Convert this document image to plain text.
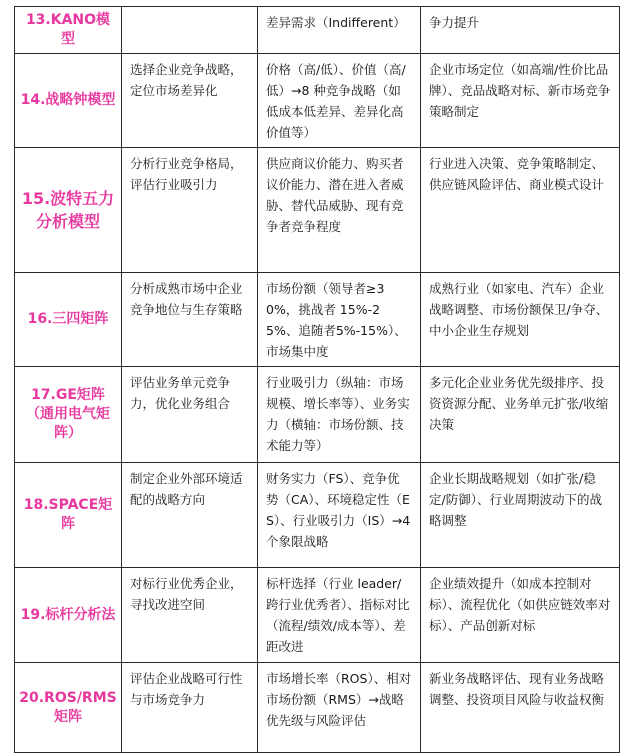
13.KANO模型		差异需求（Indifferent）	争力提升
14.战略钟模型	选择企业竞争战略，定位市场差异化	价格（高/低）、价值（高/低）→8 种竞争战略（如低成本低差异、差异化高价值等）	企业市场定位（如高端/性价比品牌）、竞品战略对标、新市场竞争策略制定
15.波特五力分析模型	分析行业竞争格局，评估行业吸引力	供应商议价能力、购买者议价能力、潜在进入者威胁、替代品威胁、现有竞争者竞争程度	行业进入决策、竞争策略制定、供应链风险评估、商业模式设计
16.三四矩阵	分析成熟市场中企业竞争地位与生存策略	市场份额（领导者≥30%，挑战者 15%-25%、追随者5%-15%）、市场集中度	成熟行业（如家电、汽车）企业战略调整、市场份额保卫/争夺、中小企业生存规划
17.GE矩阵（通用电气矩阵）	评估业务单元竞争力，优化业务组合	行业吸引力（纵轴：市场规模、增长率等）、业务实力（横轴：市场份额、技术能力等）	多元化企业业务优先级排序、投资资源分配、业务单元扩张/收缩决策
18.SPACE矩阵	制定企业外部环境适配的战略方向	财务实力（FS）、竞争优势（CA）、环境稳定性（ES）、行业吸引力（IS）→4个象限战略	企业长期战略规划（如扩张/稳定/防御）、行业周期波动下的战略调整
19.标杆分析法	对标行业优秀企业，寻找改进空间	标杆选择（行业 leader/跨行业优秀者）、指标对比（流程/绩效/成本等）、差距改进	企业绩效提升（如成本控制对标）、流程优化（如供应链效率对标）、产品创新对标
20.ROS/RMS矩阵	评估企业战略可行性与市场竞争力	市场增长率（ROS）、相对市场份额（RMS）→战略优先级与风险评估	新业务战略评估、现有业务战略调整、投资项目风险与收益权衡
